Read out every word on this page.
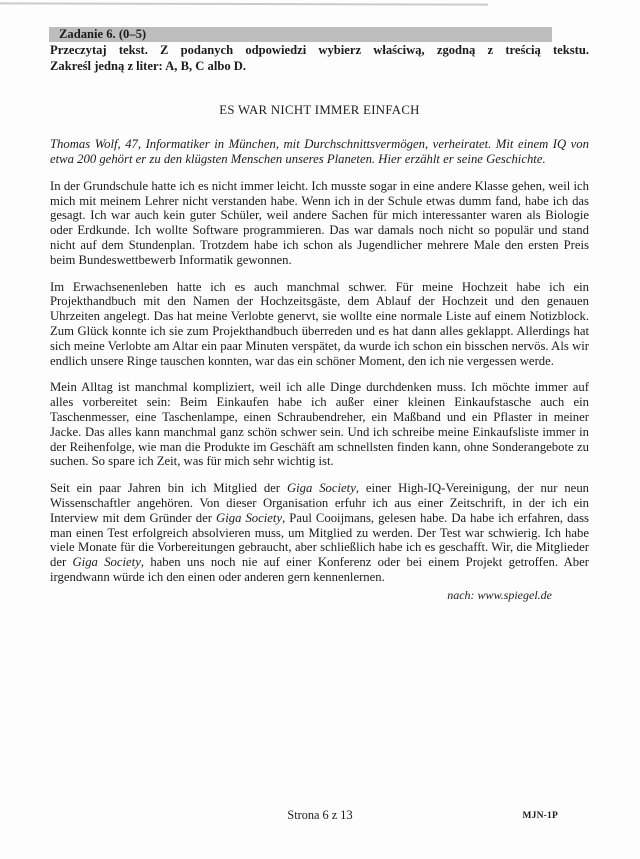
Zadanie 6. (0–5)

Przeczytaj tekst. Z podanych odpowiedzi wybierz właściwą, zgodną z treścią tekstu.

Zakreśl jedną z liter: A, B, C albo D.

ES WAR NICHT IMMER EINFACH

Thomas Wolf, 47, Informatiker in München, mit Durchschnittsvermögen, verheiratet. Mit einem IQ von etwa 200 gehört er zu den klügsten Menschen unseres Planeten. Hier erzählt er seine Geschichte.

In der Grundschule hatte ich es nicht immer leicht. Ich musste sogar in eine andere Klasse gehen, weil ich mich mit meinem Lehrer nicht verstanden habe. Wenn ich in der Schule etwas dumm fand, habe ich das gesagt. Ich war auch kein guter Schüler, weil andere Sachen für mich interessanter waren als Biologie oder Erdkunde. Ich wollte Software programmieren. Das war damals noch nicht so populär und stand nicht auf dem Stundenplan. Trotzdem habe ich schon als Jugendlicher mehrere Male den ersten Preis beim Bundeswettbewerb Informatik gewonnen.

Im Erwachsenenleben hatte ich es auch manchmal schwer. Für meine Hochzeit habe ich ein Projekthandbuch mit den Namen der Hochzeitsgäste, dem Ablauf der Hochzeit und den genauen Uhrzeiten angelegt. Das hat meine Verlobte genervt, sie wollte eine normale Liste auf einem Notizblock. Zum Glück konnte ich sie zum Projekthandbuch überreden und es hat dann alles geklappt. Allerdings hat sich meine Verlobte am Altar ein paar Minuten verspätet, da wurde ich schon ein bisschen nervös. Als wir endlich unsere Ringe tauschen konnten, war das ein schöner Moment, den ich nie vergessen werde.

Mein Alltag ist manchmal kompliziert, weil ich alle Dinge durchdenken muss. Ich möchte immer auf alles vorbereitet sein: Beim Einkaufen habe ich außer einer kleinen Einkaufstasche auch ein Taschenmesser, eine Taschenlampe, einen Schraubendreher, ein Maßband und ein Pflaster in meiner Jacke. Das alles kann manchmal ganz schön schwer sein. Und ich schreibe meine Einkaufsliste immer in der Reihenfolge, wie man die Produkte im Geschäft am schnellsten finden kann, ohne Sonderangebote zu suchen. So spare ich Zeit, was für mich sehr wichtig ist.

Seit ein paar Jahren bin ich Mitglied der Giga Society, einer High-IQ-Vereinigung, der nur neun Wissenschaftler angehören. Von dieser Organisation erfuhr ich aus einer Zeitschrift, in der ich ein Interview mit dem Gründer der Giga Society, Paul Cooijmans, gelesen habe. Da habe ich erfahren, dass man einen Test erfolgreich absolvieren muss, um Mitglied zu werden. Der Test war schwierig. Ich habe viele Monate für die Vorbereitungen gebraucht, aber schließlich habe ich es geschafft. Wir, die Mitglieder der Giga Society, haben uns noch nie auf einer Konferenz oder bei einem Projekt getroffen. Aber irgendwann würde ich den einen oder anderen gern kennenlernen.

nach: www.spiegel.de

Strona 6 z 13	MJN-1P
